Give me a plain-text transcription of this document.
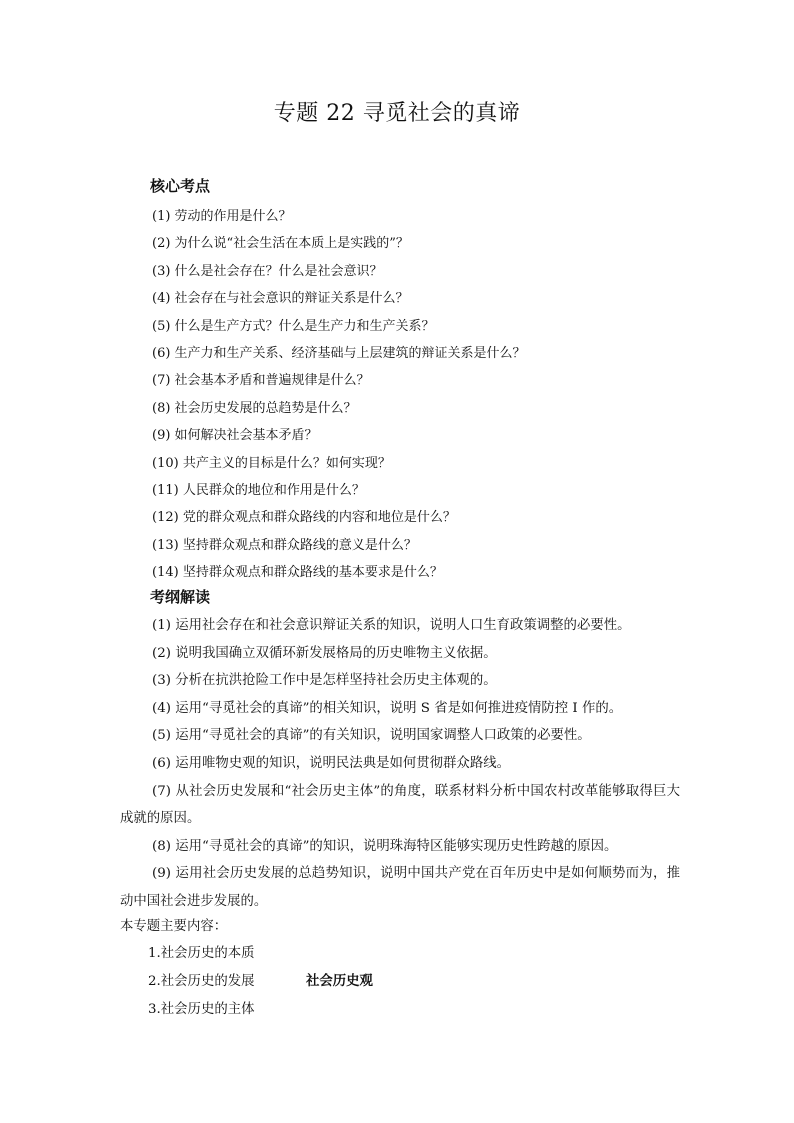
专题 22 寻觅社会的真谛
核心考点
(1) 劳动的作用是什么？
(2) 为什么说“社会生活在本质上是实践的”？
(3) 什么是社会存在？什么是社会意识？
(4) 社会存在与社会意识的辩证关系是什么？
(5) 什么是生产方式？什么是生产力和生产关系？
(6) 生产力和生产关系、经济基础与上层建筑的辩证关系是什么？
(7) 社会基本矛盾和普遍规律是什么？
(8) 社会历史发展的总趋势是什么？
(9) 如何解决社会基本矛盾？
(10) 共产主义的目标是什么？如何实现？
(11) 人民群众的地位和作用是什么？
(12) 党的群众观点和群众路线的内容和地位是什么？
(13) 坚持群众观点和群众路线的意义是什么？
(14) 坚持群众观点和群众路线的基本要求是什么？
考纲解读
(1) 运用社会存在和社会意识辩证关系的知识，说明人口生育政策调整的必要性。
(2) 说明我国确立双循环新发展格局的历史唯物主义依据。
(3) 分析在抗洪抢险工作中是怎样坚持社会历史主体观的。
(4) 运用“寻觅社会的真谛”的相关知识，说明 S 省是如何推进疫情防控 I 作的。
(5) 运用“寻觅社会的真谛”的有关知识，说明国家调整人口政策的必要性。
(6) 运用唯物史观的知识，说明民法典是如何贯彻群众路线。
(7) 从社会历史发展和“社会历史主体”的角度，联系材料分析中国农村改革能够取得巨大成就的原因。
(8) 运用“寻觅社会的真谛”的知识，说明珠海特区能够实现历史性跨越的原因。
(9) 运用社会历史发展的总趋势知识，说明中国共产党在百年历史中是如何顺势而为，推动中国社会进步发展的。
本专题主要内容：
1.社会历史的本质
2.社会历史的发展
3.社会历史的主体
社会历史观
